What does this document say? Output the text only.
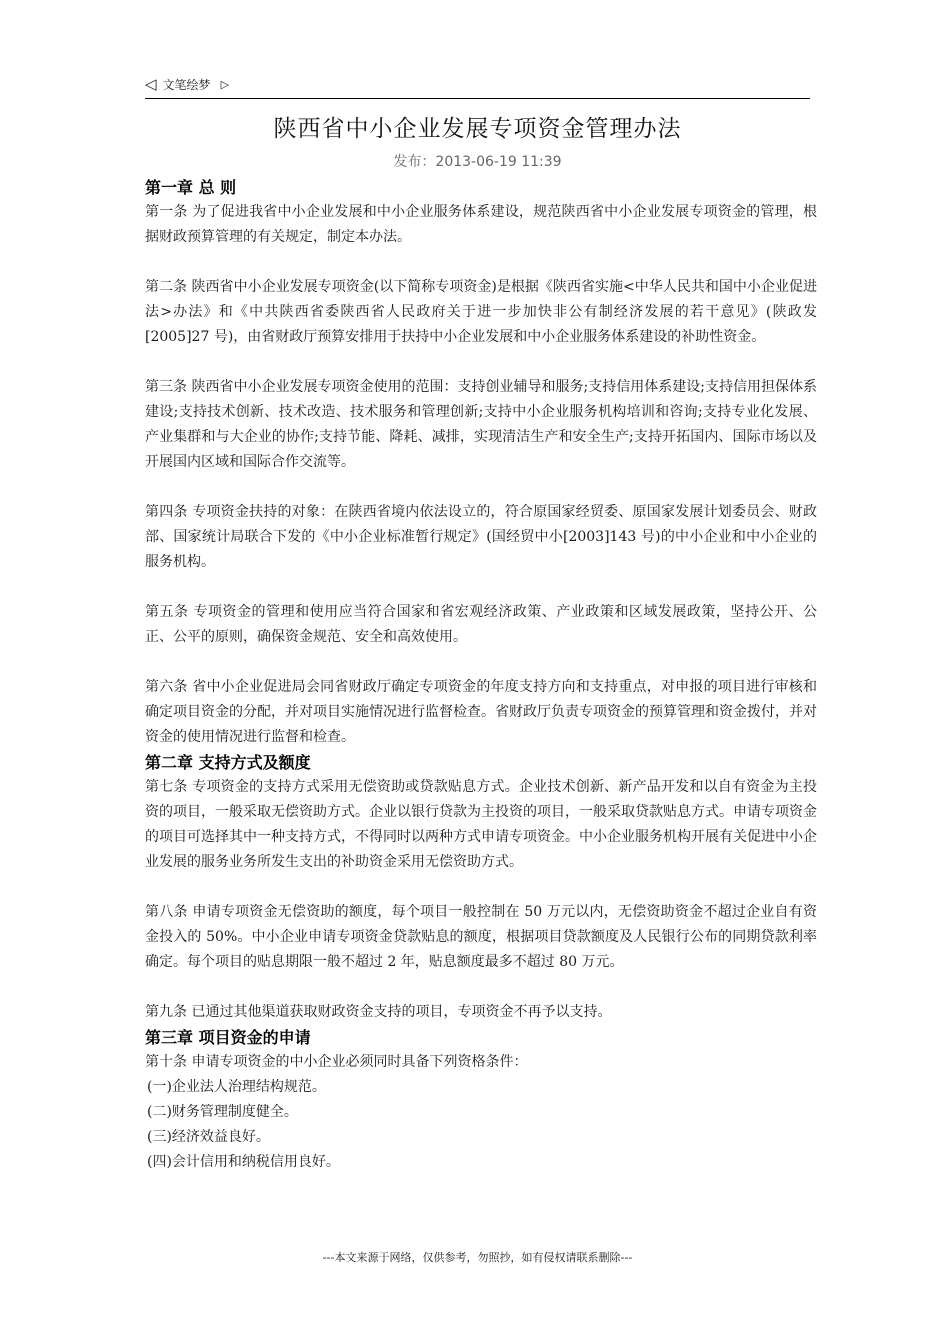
◁ 文笔绘梦 ▷
陕西省中小企业发展专项资金管理办法
发布：2013-06-19 11:39
第一章 总 则

第一条 为了促进我省中小企业发展和中小企业服务体系建设，规范陕西省中小企业发展专项资金的管理，根据财政预算管理的有关规定，制定本办法。

第二条 陕西省中小企业发展专项资金(以下简称专项资金)是根据《陕西省实施<中华人民共和国中小企业促进法>办法》和《中共陕西省委陕西省人民政府关于进一步加快非公有制经济发展的若干意见》(陕政发[2005]27 号)，由省财政厅预算安排用于扶持中小企业发展和中小企业服务体系建设的补助性资金。

第三条 陕西省中小企业发展专项资金使用的范围：支持创业辅导和服务;支持信用体系建设;支持信用担保体系建设;支持技术创新、技术改造、技术服务和管理创新;支持中小企业服务机构培训和咨询;支持专业化发展、产业集群和与大企业的协作;支持节能、降耗、减排，实现清洁生产和安全生产;支持开拓国内、国际市场以及开展国内区域和国际合作交流等。

第四条 专项资金扶持的对象：在陕西省境内依法设立的，符合原国家经贸委、原国家发展计划委员会、财政部、国家统计局联合下发的《中小企业标准暂行规定》(国经贸中小[2003]143 号)的中小企业和中小企业的服务机构。

第五条 专项资金的管理和使用应当符合国家和省宏观经济政策、产业政策和区域发展政策，坚持公开、公正、公平的原则，确保资金规范、安全和高效使用。

第六条 省中小企业促进局会同省财政厅确定专项资金的年度支持方向和支持重点，对申报的项目进行审核和确定项目资金的分配，并对项目实施情况进行监督检查。省财政厅负责专项资金的预算管理和资金拨付，并对资金的使用情况进行监督和检查。

第二章 支持方式及额度

第七条 专项资金的支持方式采用无偿资助或贷款贴息方式。企业技术创新、新产品开发和以自有资金为主投资的项目，一般采取无偿资助方式。企业以银行贷款为主投资的项目，一般采取贷款贴息方式。申请专项资金的项目可选择其中一种支持方式，不得同时以两种方式申请专项资金。中小企业服务机构开展有关促进中小企业发展的服务业务所发生支出的补助资金采用无偿资助方式。

第八条 申请专项资金无偿资助的额度，每个项目一般控制在 50 万元以内，无偿资助资金不超过企业自有资金投入的 50%。中小企业申请专项资金贷款贴息的额度，根据项目贷款额度及人民银行公布的同期贷款利率确定。每个项目的贴息期限一般不超过 2 年，贴息额度最多不超过 80 万元。

第九条 已通过其他渠道获取财政资金支持的项目，专项资金不再予以支持。

第三章 项目资金的申请

第十条 申请专项资金的中小企业必须同时具备下列资格条件：

(一)企业法人治理结构规范。
(二)财务管理制度健全。
(三)经济效益良好。
(四)会计信用和纳税信用良好。
---本文来源于网络，仅供参考，勿照抄，如有侵权请联系删除---
